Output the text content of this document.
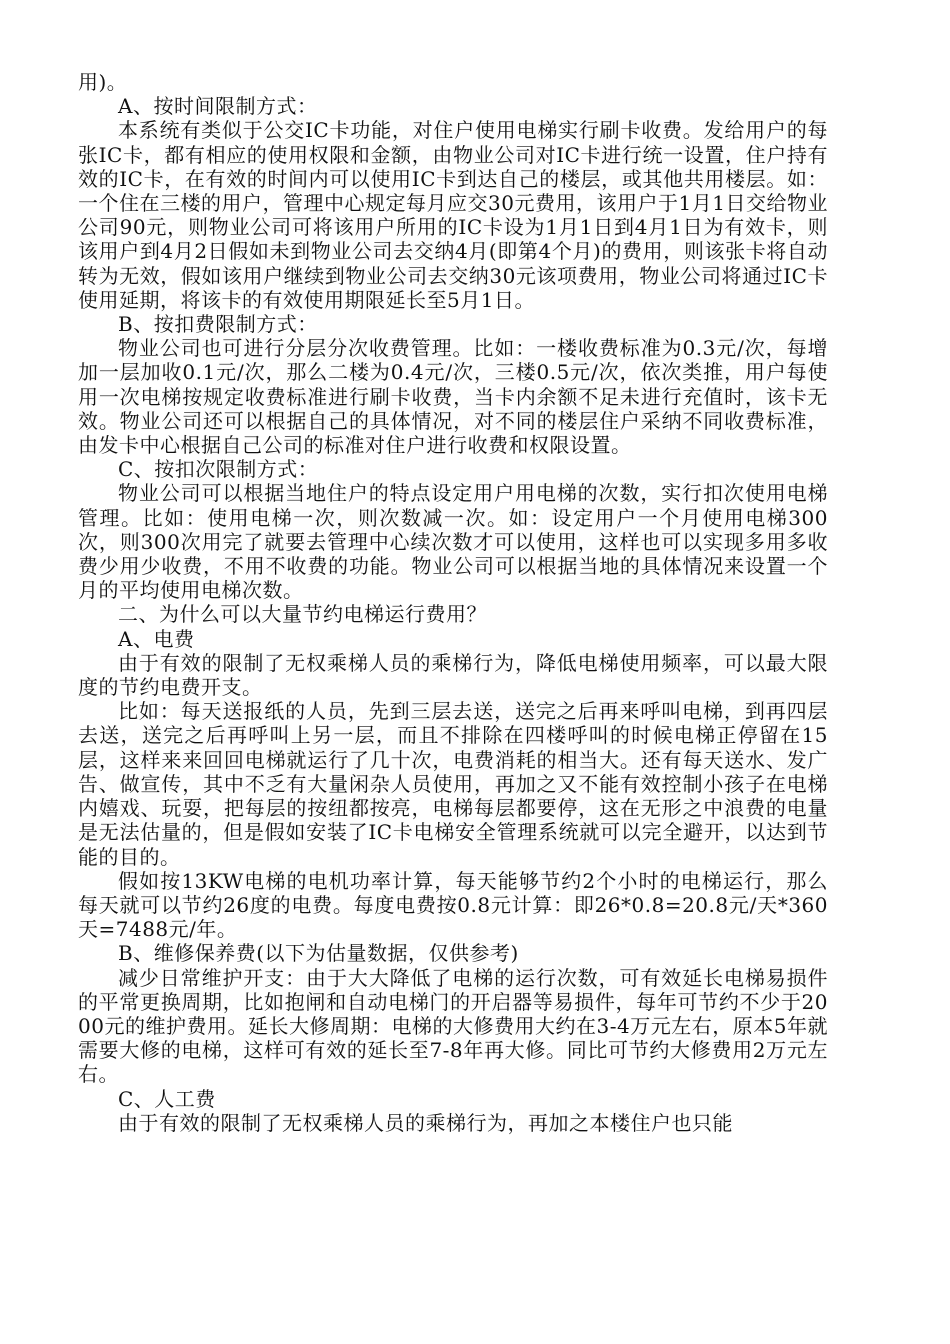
用)。

A、按时间限制方式：

本系统有类似于公交IC卡功能，对住户使用电梯实行刷卡收费。发给用户的每张IC卡，都有相应的使用权限和金额，由物业公司对IC卡进行统一设置，住户持有效的IC卡，在有效的时间内可以使用IC卡到达自己的楼层，或其他共用楼层。如：一个住在三楼的用户，管理中心规定每月应交30元费用，该用户于1月1日交给物业公司90元，则物业公司可将该用户所用的IC卡设为1月1日到4月1日为有效卡，则该用户到4月2日假如未到物业公司去交纳4月(即第4个月)的费用，则该张卡将自动转为无效，假如该用户继续到物业公司去交纳30元该项费用，物业公司将通过IC卡使用延期，将该卡的有效使用期限延长至5月1日。

B、按扣费限制方式：

物业公司也可进行分层分次收费管理。比如：一楼收费标准为0.3元/次，每增加一层加收0.1元/次，那么二楼为0.4元/次，三楼0.5元/次，依次类推，用户每使用一次电梯按规定收费标准进行刷卡收费，当卡内余额不足未进行充值时，该卡无效。物业公司还可以根据自己的具体情况，对不同的楼层住户采纳不同收费标准，由发卡中心根据自己公司的标准对住户进行收费和权限设置。

C、按扣次限制方式：

物业公司可以根据当地住户的特点设定用户用电梯的次数，实行扣次使用电梯管理。比如：使用电梯一次，则次数减一次。如：设定用户一个月使用电梯300次，则300次用完了就要去管理中心续次数才可以使用，这样也可以实现多用多收费少用少收费，不用不收费的功能。物业公司可以根据当地的具体情况来设置一个月的平均使用电梯次数。

二、为什么可以大量节约电梯运行费用？

A、电费

由于有效的限制了无权乘梯人员的乘梯行为，降低电梯使用频率，可以最大限度的节约电费开支。

比如：每天送报纸的人员，先到三层去送，送完之后再来呼叫电梯，到再四层去送，送完之后再呼叫上另一层，而且不排除在四楼呼叫的时候电梯正停留在15层，这样来来回回电梯就运行了几十次，电费消耗的相当大。还有每天送水、发广告、做宣传，其中不乏有大量闲杂人员使用，再加之又不能有效控制小孩子在电梯内嬉戏、玩耍，把每层的按纽都按亮，电梯每层都要停，这在无形之中浪费的电量是无法估量的，但是假如安装了IC卡电梯安全管理系统就可以完全避开，以达到节能的目的。

假如按13KW电梯的电机功率计算，每天能够节约2个小时的电梯运行，那么每天就可以节约26度的电费。每度电费按0.8元计算：即26*0.8=20.8元/天*360天=7488元/年。

B、维修保养费(以下为估量数据，仅供参考)

减少日常维护开支：由于大大降低了电梯的运行次数，可有效延长电梯易损件的平常更换周期，比如抱闸和自动电梯门的开启器等易损件，每年可节约不少于2000元的维护费用。延长大修周期：电梯的大修费用大约在3-4万元左右，原本5年就需要大修的电梯，这样可有效的延长至7-8年再大修。同比可节约大修费用2万元左右。

C、人工费

由于有效的限制了无权乘梯人员的乘梯行为，再加之本楼住户也只能
